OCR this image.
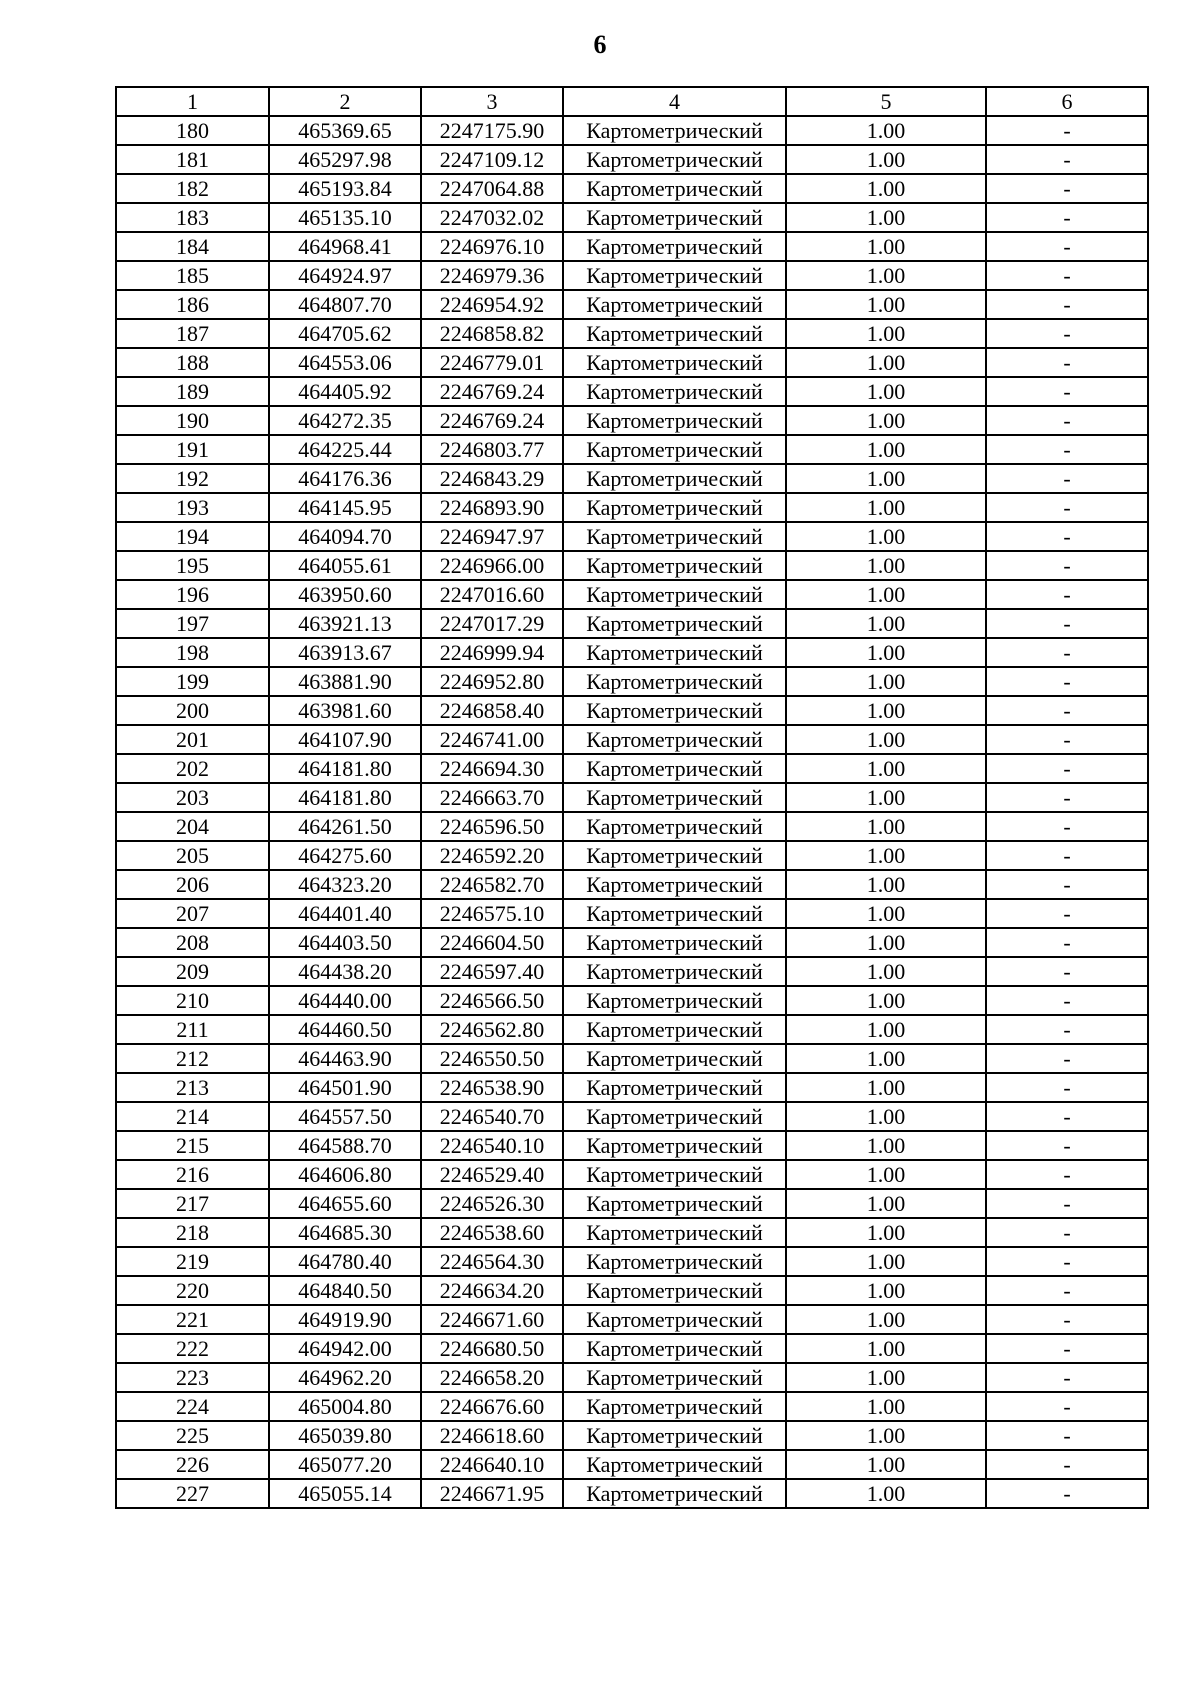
6
1	2	3	4	5	6
180	465369.65	2247175.90	Картометрический	1.00	-
181	465297.98	2247109.12	Картометрический	1.00	-
182	465193.84	2247064.88	Картометрический	1.00	-
183	465135.10	2247032.02	Картометрический	1.00	-
184	464968.41	2246976.10	Картометрический	1.00	-
185	464924.97	2246979.36	Картометрический	1.00	-
186	464807.70	2246954.92	Картометрический	1.00	-
187	464705.62	2246858.82	Картометрический	1.00	-
188	464553.06	2246779.01	Картометрический	1.00	-
189	464405.92	2246769.24	Картометрический	1.00	-
190	464272.35	2246769.24	Картометрический	1.00	-
191	464225.44	2246803.77	Картометрический	1.00	-
192	464176.36	2246843.29	Картометрический	1.00	-
193	464145.95	2246893.90	Картометрический	1.00	-
194	464094.70	2246947.97	Картометрический	1.00	-
195	464055.61	2246966.00	Картометрический	1.00	-
196	463950.60	2247016.60	Картометрический	1.00	-
197	463921.13	2247017.29	Картометрический	1.00	-
198	463913.67	2246999.94	Картометрический	1.00	-
199	463881.90	2246952.80	Картометрический	1.00	-
200	463981.60	2246858.40	Картометрический	1.00	-
201	464107.90	2246741.00	Картометрический	1.00	-
202	464181.80	2246694.30	Картометрический	1.00	-
203	464181.80	2246663.70	Картометрический	1.00	-
204	464261.50	2246596.50	Картометрический	1.00	-
205	464275.60	2246592.20	Картометрический	1.00	-
206	464323.20	2246582.70	Картометрический	1.00	-
207	464401.40	2246575.10	Картометрический	1.00	-
208	464403.50	2246604.50	Картометрический	1.00	-
209	464438.20	2246597.40	Картометрический	1.00	-
210	464440.00	2246566.50	Картометрический	1.00	-
211	464460.50	2246562.80	Картометрический	1.00	-
212	464463.90	2246550.50	Картометрический	1.00	-
213	464501.90	2246538.90	Картометрический	1.00	-
214	464557.50	2246540.70	Картометрический	1.00	-
215	464588.70	2246540.10	Картометрический	1.00	-
216	464606.80	2246529.40	Картометрический	1.00	-
217	464655.60	2246526.30	Картометрический	1.00	-
218	464685.30	2246538.60	Картометрический	1.00	-
219	464780.40	2246564.30	Картометрический	1.00	-
220	464840.50	2246634.20	Картометрический	1.00	-
221	464919.90	2246671.60	Картометрический	1.00	-
222	464942.00	2246680.50	Картометрический	1.00	-
223	464962.20	2246658.20	Картометрический	1.00	-
224	465004.80	2246676.60	Картометрический	1.00	-
225	465039.80	2246618.60	Картометрический	1.00	-
226	465077.20	2246640.10	Картометрический	1.00	-
227	465055.14	2246671.95	Картометрический	1.00	-
